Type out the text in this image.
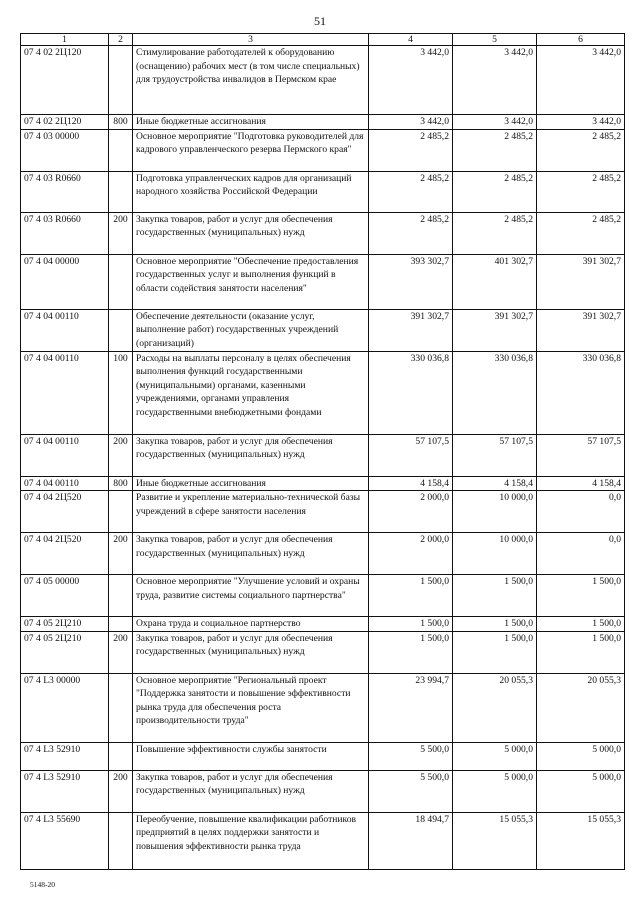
51
1	2	3	4	5	6
07 4 02 2Ц120		Стимулирование работодателей к оборудованию (оснащению) рабочих мест (в том числе специальных) для трудоустройства инвалидов в Пермском крае	3 442,0	3 442,0	3 442,0
07 4 02 2Ц120	800	Иные бюджетные ассигнования	3 442,0	3 442,0	3 442,0
07 4 03 00000		Основное мероприятие "Подготовка руководителей для кадрового управленческого резерва Пермского края"	2 485,2	2 485,2	2 485,2
07 4 03 R0660		Подготовка управленческих кадров для организаций народного хозяйства Российской Федерации	2 485,2	2 485,2	2 485,2
07 4 03 R0660	200	Закупка товаров, работ и услуг для обеспечения государственных (муниципальных) нужд	2 485,2	2 485,2	2 485,2
07 4 04 00000		Основное мероприятие "Обеспечение предоставления государственных услуг и выполнения функций в области содействия занятости населения"	393 302,7	401 302,7	391 302,7
07 4 04 00110		Обеспечение деятельности (оказание услуг, выполнение работ) государственных учреждений (организаций)	391 302,7	391 302,7	391 302,7
07 4 04 00110	100	Расходы на выплаты персоналу в целях обеспечения выполнения функций государственными (муниципальными) органами, казенными учреждениями, органами управления государственными внебюджетными фондами	330 036,8	330 036,8	330 036,8
07 4 04 00110	200	Закупка товаров, работ и услуг для обеспечения государственных (муниципальных) нужд	57 107,5	57 107,5	57 107,5
07 4 04 00110	800	Иные бюджетные ассигнования	4 158,4	4 158,4	4 158,4
07 4 04 2Ц520		Развитие и укрепление материально-технической базы учреждений в сфере занятости населения	2 000,0	10 000,0	0,0
07 4 04 2Ц520	200	Закупка товаров, работ и услуг для обеспечения государственных (муниципальных) нужд	2 000,0	10 000,0	0,0
07 4 05 00000		Основное мероприятие "Улучшение условий и охраны труда, развитие системы социального партнерства"	1 500,0	1 500,0	1 500,0
07 4 05 2Ц210		Охрана труда и социальное партнерство	1 500,0	1 500,0	1 500,0
07 4 05 2Ц210	200	Закупка товаров, работ и услуг для обеспечения государственных (муниципальных) нужд	1 500,0	1 500,0	1 500,0
07 4 L3 00000		Основное мероприятие "Региональный проект "Поддержка занятости и повышение эффективности рынка труда для обеспечения роста производительности труда"	23 994,7	20 055,3	20 055,3
07 4 L3 52910		Повышение эффективности службы занятости	5 500,0	5 000,0	5 000,0
07 4 L3 52910	200	Закупка товаров, работ и услуг для обеспечения государственных (муниципальных) нужд	5 500,0	5 000,0	5 000,0
07 4 L3 55690		Переобучение, повышение квалификации работников предприятий в целях поддержки занятости и повышения эффективности рынка труда	18 494,7	15 055,3	15 055,3
5148-20
